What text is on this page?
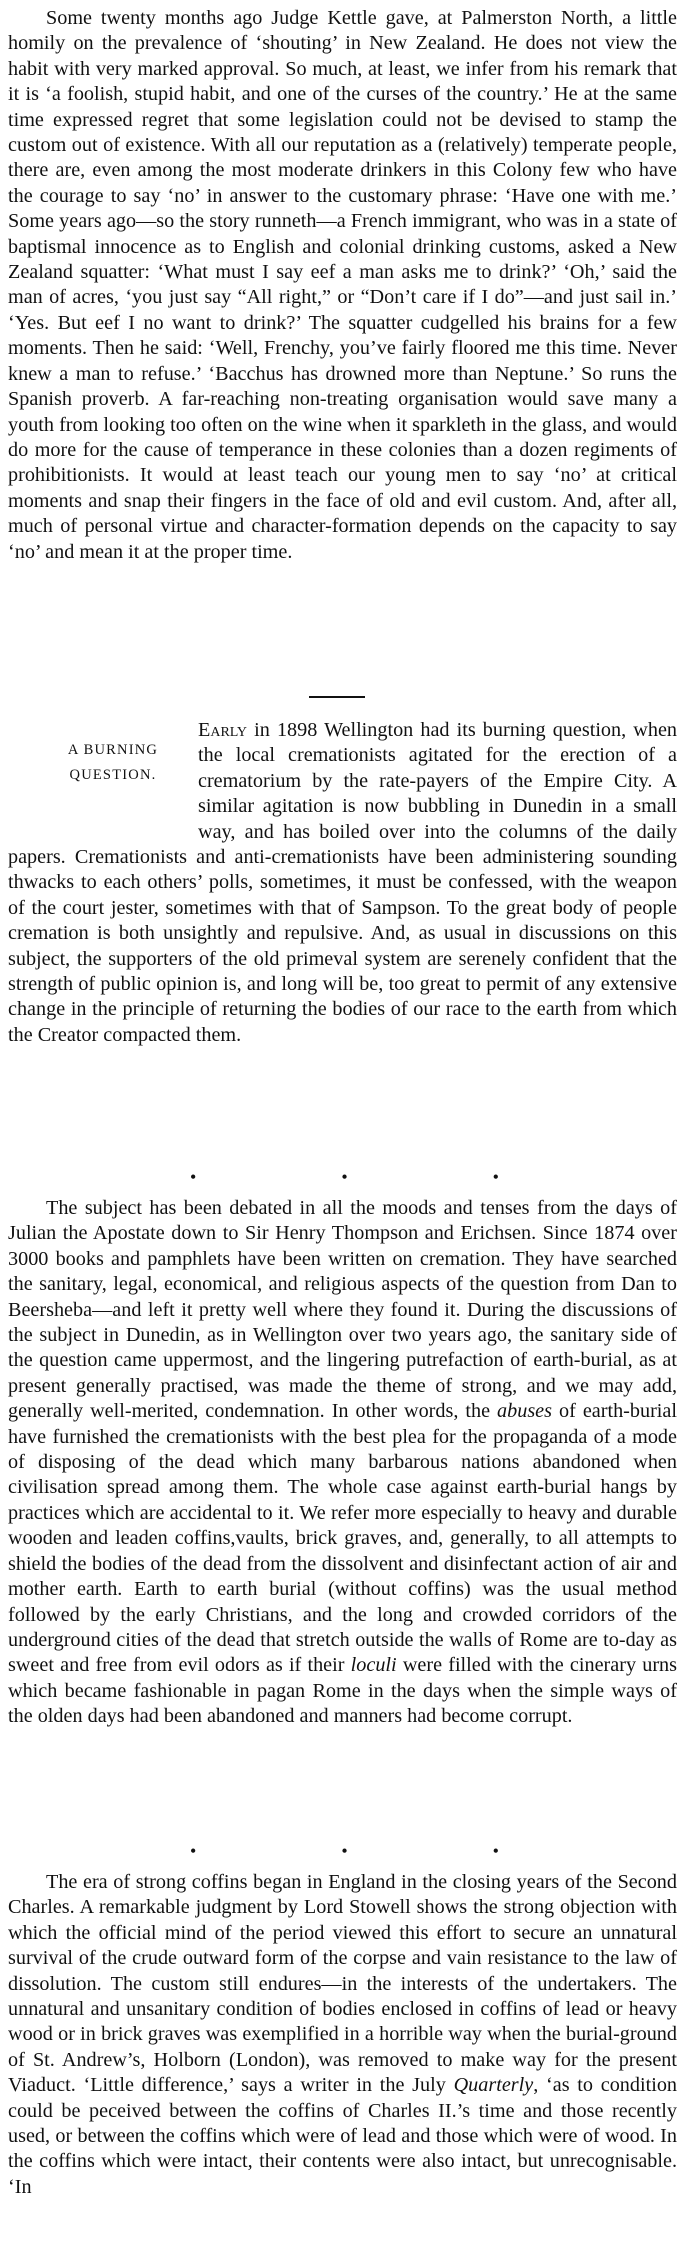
Some twenty months ago Judge Kettle gave, at Palmerston North, a little homily on the prevalence of ‘shouting’ in New Zealand. He does not view the habit with very marked approval. So much, at least, we infer from his remark that it is ‘a foolish, stupid habit, and one of the curses of the country.’ He at the same time expressed regret that some legislation could not be devised to stamp the custom out of existence. With all our reputation as a (relatively) temperate people, there are, even among the most moderate drinkers in this Colony few who have the courage to say ‘no’ in answer to the customary phrase: ‘Have one with me.’ Some years ago—so the story runneth—a French immigrant, who was in a state of baptismal innocence as to English and colonial drinking customs, asked a New Zealand squatter: ‘What must I say eef a man asks me to drink?’ ‘Oh,’ said the man of acres, ‘you just say “All right,” or “Don’t care if I do”—and just sail in.’ ‘Yes. But eef I no want to drink?’ The squatter cudgelled his brains for a few moments. Then he said: ‘Well, Frenchy, you’ve fairly floored me this time. Never knew a man to refuse.’ ‘Bacchus has drowned more than Neptune.’ So runs the Spanish proverb. A far-reaching non-treating organisation would save many a youth from looking too often on the wine when it sparkleth in the glass, and would do more for the cause of temperance in these colonies than a dozen regiments of prohibitionists. It would at least teach our young men to say ‘no’ at critical moments and snap their fingers in the face of old and evil custom. And, after all, much of personal virtue and character-formation depends on the capacity to say ‘no’ and mean it at the proper time.

A BURNING
QUESTION.

Early in 1898 Wellington had its burning question, when the local cremationists agitated for the erection of a crematorium by the rate-payers of the Empire City. A similar agitation is now bubbling in Dunedin in a small way, and has boiled over into the columns of the daily papers. Cremationists and anti-cremationists have been administering sounding thwacks to each others’ polls, sometimes, it must be confessed, with the weapon of the court jester, sometimes with that of Sampson. To the great body of people cremation is both unsightly and repulsive. And, as usual in discussions on this subject, the supporters of the old primeval system are serenely confident that the strength of public opinion is, and long will be, too great to permit of any extensive change in the principle of returning the bodies of our race to the earth from which the Creator compacted them.

•	•	•

The subject has been debated in all the moods and tenses from the days of Julian the Apostate down to Sir Henry Thompson and Erichsen. Since 1874 over 3000 books and pamphlets have been written on cremation. They have searched the sanitary, legal, economical, and religious aspects of the question from Dan to Beersheba—and left it pretty well where they found it. During the discussions of the subject in Dunedin, as in Wellington over two years ago, the sanitary side of the question came uppermost, and the lingering putrefaction of earth-burial, as at present generally practised, was made the theme of strong, and we may add, generally well-merited, condemnation. In other words, the abuses of earth-burial have furnished the cremationists with the best plea for the propaganda of a mode of disposing of the dead which many barbarous nations abandoned when civilisation spread among them. The whole case against earth-burial hangs by practices which are accidental to it. We refer more especially to heavy and durable wooden and leaden coffins,vaults, brick graves, and, generally, to all attempts to shield the bodies of the dead from the dissolvent and disinfectant action of air and mother earth. Earth to earth burial (without coffins) was the usual method followed by the early Christians, and the long and crowded corridors of the underground cities of the dead that stretch outside the walls of Rome are to-day as sweet and free from evil odors as if their loculi were filled with the cinerary urns which became fashionable in pagan Rome in the days when the simple ways of the olden days had been abandoned and manners had become corrupt.

•	•	•

The era of strong coffins began in England in the closing years of the Second Charles. A remarkable judgment by Lord Stowell shows the strong objection with which the official mind of the period viewed this effort to secure an unnatural survival of the crude outward form of the corpse and vain resistance to the law of dissolution. The custom still endures—in the interests of the undertakers. The unnatural and unsanitary condition of bodies enclosed in coffins of lead or heavy wood or in brick graves was exemplified in a horrible way when the burial-ground of St. Andrew’s, Holborn (London), was removed to make way for the present Viaduct. ‘Little difference,’ says a writer in the July Quarterly, ‘as to condition could be peceived between the coffins of Charles II.’s time and those recently used, or between the coffins which were of lead and those which were of wood. In the coffins which were intact, their contents were also intact, but unrecognisable. ‘In
